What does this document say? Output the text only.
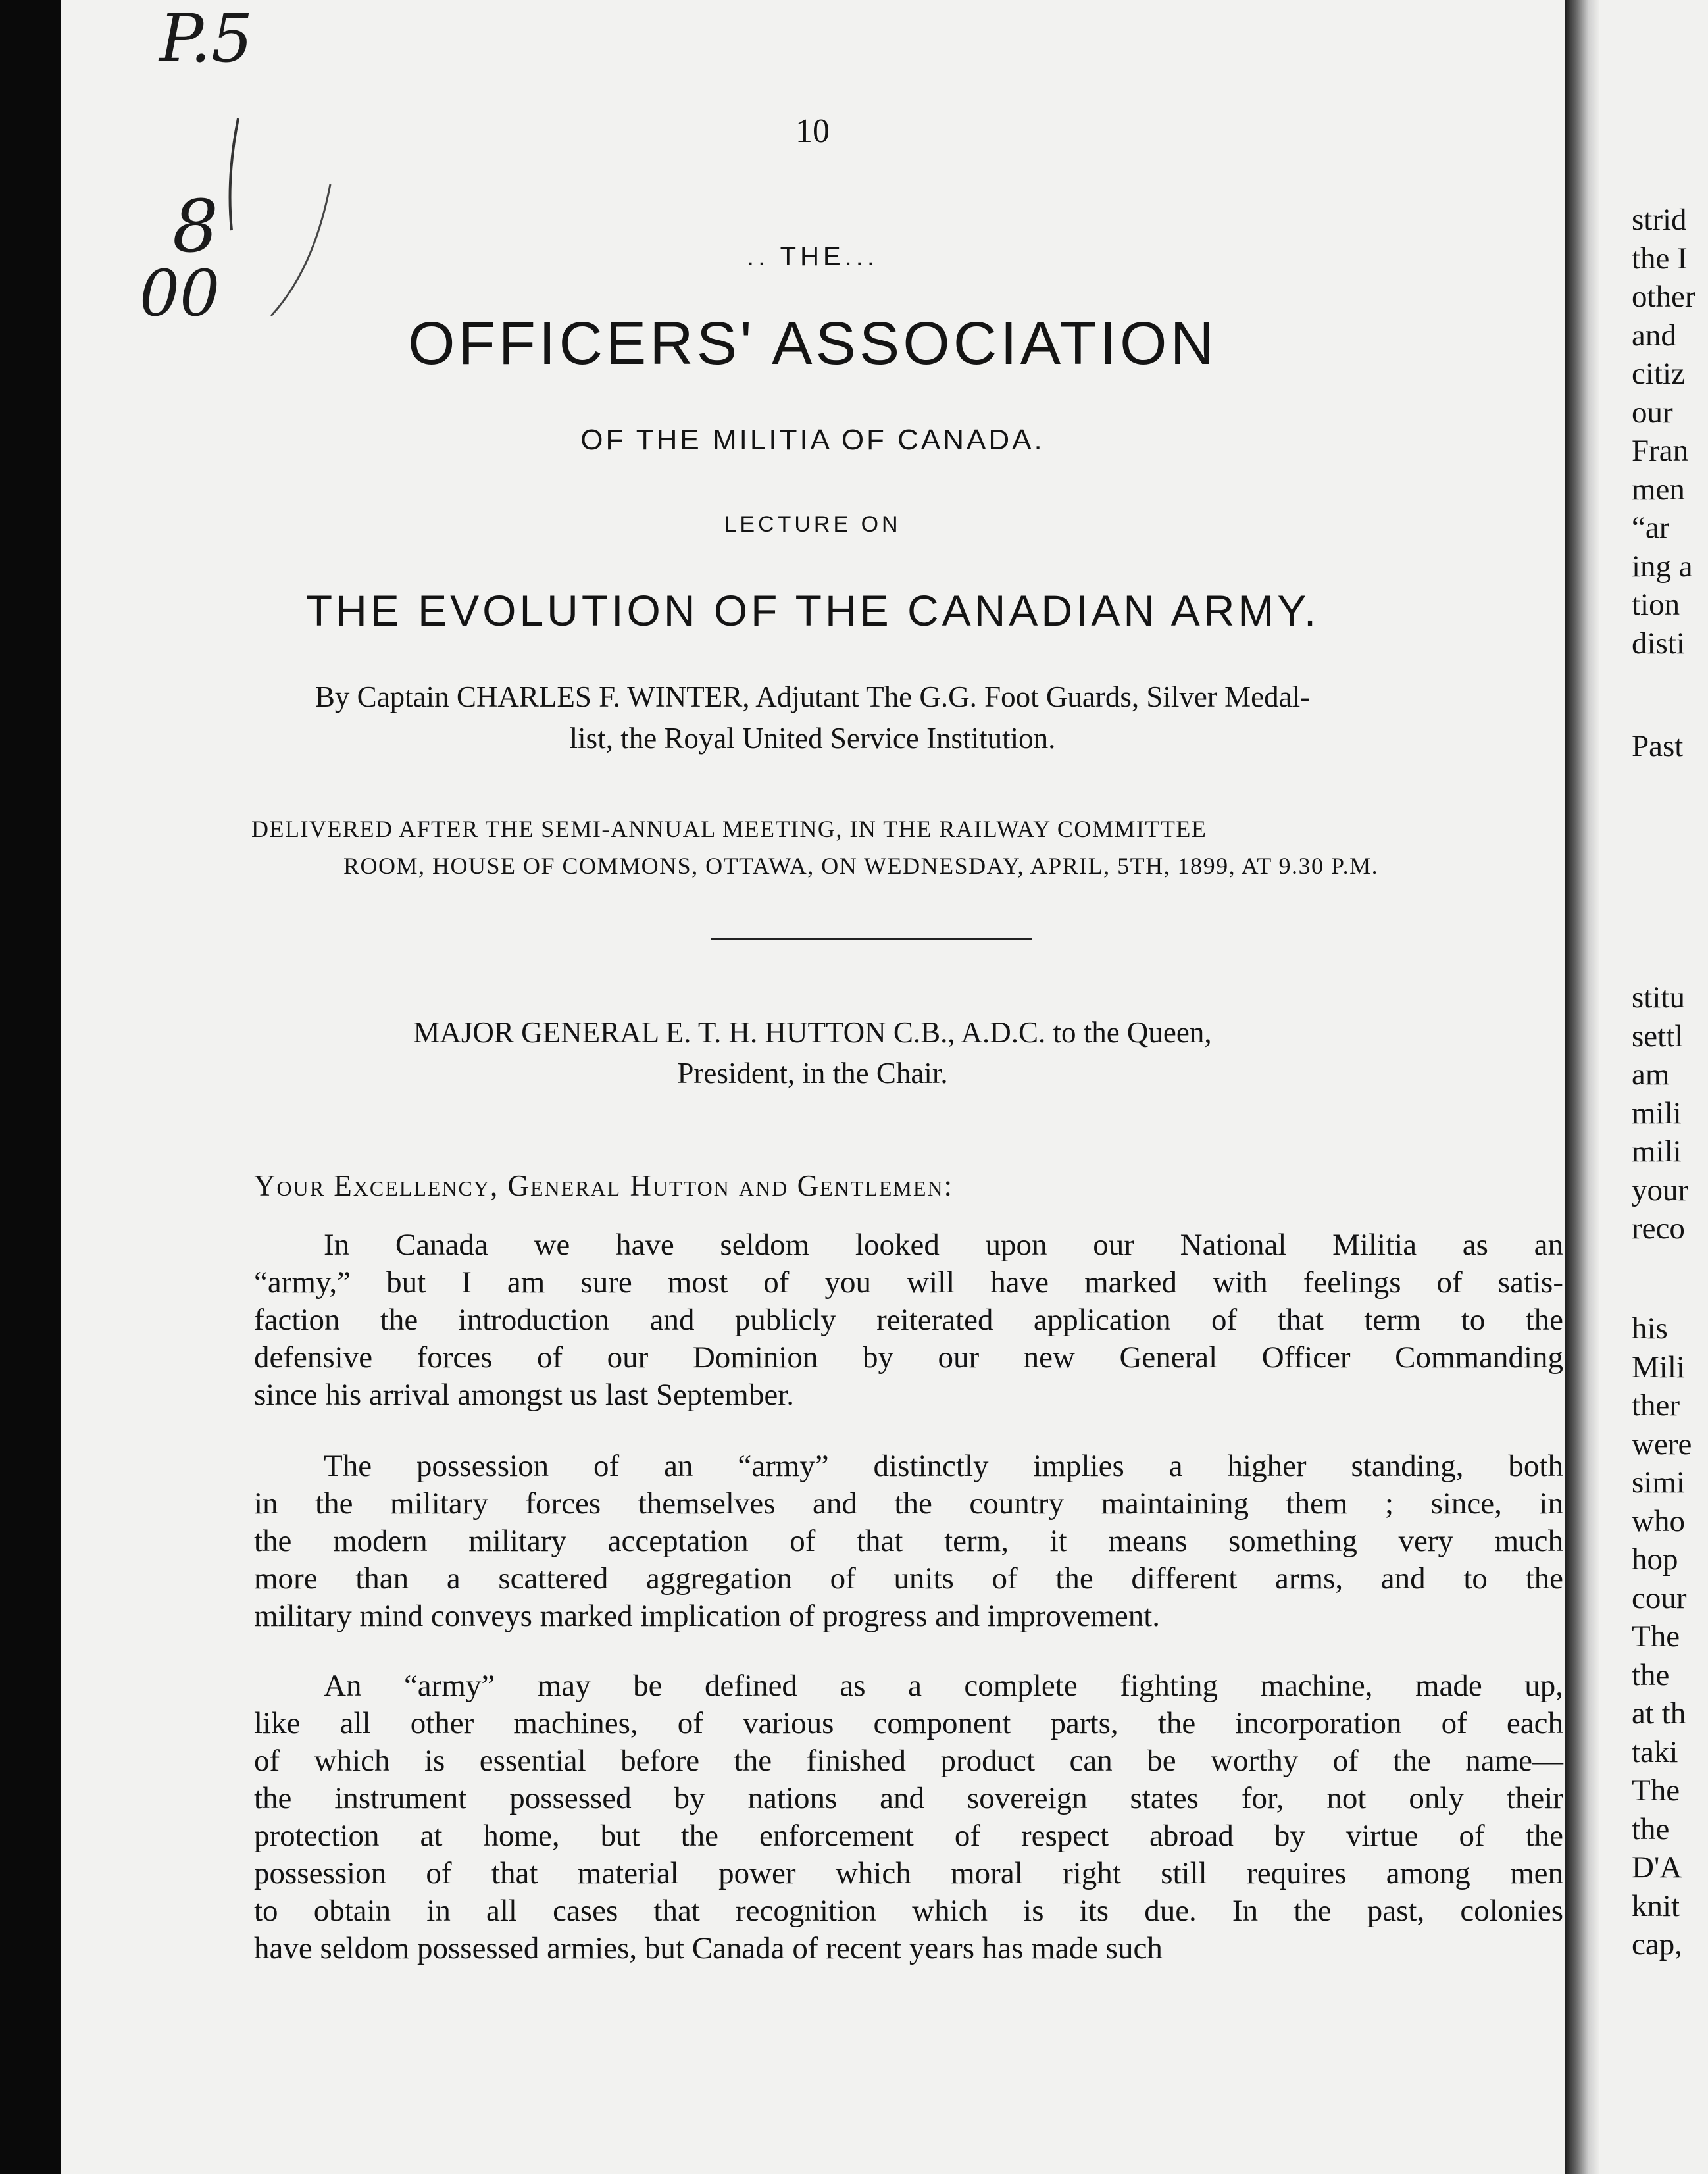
P.5
8
00
10
.. THE...
OFFICERS' ASSOCIATION
OF THE MILITIA OF CANADA.
LECTURE ON
THE EVOLUTION OF THE CANADIAN ARMY.
By Captain CHARLES F. WINTER, Adjutant The G.G. Foot Guards, Silver Medal-
list, the Royal United Service Institution.
DELIVERED AFTER THE SEMI-ANNUAL MEETING, IN THE RAILWAY COMMITTEE
ROOM, HOUSE OF COMMONS, OTTAWA, ON WEDNESDAY, APRIL, 5TH, 1899, AT 9.30 P.M.
MAJOR GENERAL E. T. H. HUTTON C.B., A.D.C. to the Queen,
President, in the Chair.
Your Excellency, General Hutton and Gentlemen:
In Canada we have seldom looked upon our National Militia as an
“army,” but I am sure most of you will have marked with feelings of satis-
faction the introduction and publicly reiterated application of that term to the
defensive forces of our Dominion by our new General Officer Commanding
since his arrival amongst us last September.
The possession of an “army” distinctly implies a higher standing, both
in the military forces themselves and the country maintaining them ; since, in
the modern military acceptation of that term, it means something very much
more than a scattered aggregation of units of the different arms, and to the
military mind conveys marked implication of progress and improvement.
An “army” may be defined as a complete fighting machine, made up,
like all other machines, of various component parts, the incorporation of each
of which is essential before the finished product can be worthy of the name—
the instrument possessed by nations and sovereign states for, not only their
protection at home, but the enforcement of respect abroad by virtue of the
possession of that material power which moral right still requires among men
to obtain in all cases that recognition which is its due. In the past, colonies
have seldom possessed armies, but Canada of recent years has made such
strid
the I
other
and
citiz
our
Fran
men
“ar
ing a
tion
disti
Past
stitu
settl
am
mili
mili
your
reco
his
Mili
ther
were
simi
who
hop
cour
The
the
at th
taki
The
the
D'A
knit
cap,
